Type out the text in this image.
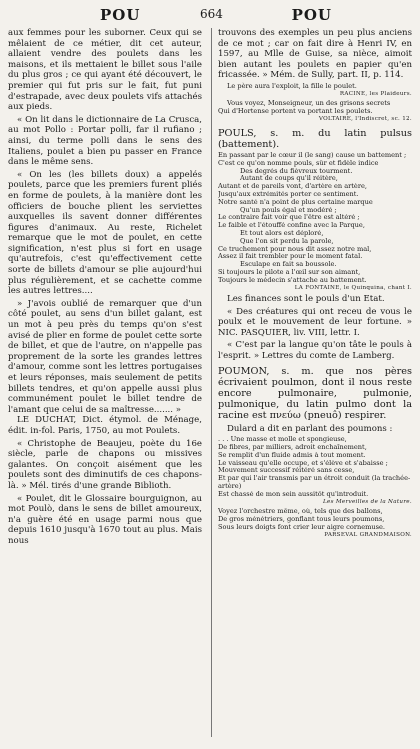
POU	664	POU

aux femmes pour les suborner. Ceux qui se mêlaient de ce métier, dit cet auteur, allaient vendre des poulets dans les maisons, et ils mettaient le billet sous l'aile du plus gros ; ce qui ayant été découvert, le premier qui fut pris sur le fait, fut puni d'estrapade, avec deux poulets vifs attachés aux pieds.

« On lit dans le dictionnaire de La Crusca, au mot Pollo : Portar polli, far il rufiano ; ainsi, du terme polli dans le sens des Italiens, poulet a bien pu passer en France dans le même sens.

« On les (les billets doux) a appelés poulets, parce que les premiers furent pliés en forme de poulets, à la manière dont les officiers de bouche plient les serviettes auxquelles ils savent donner différentes figures d'animaux. Au reste, Richelet remarque que le mot de poulet, en cette signification, n'est plus si fort en usage qu'autrefois, c'est qu'effectivement cette sorte de billets d'amour se plie aujourd'hui plus régulièrement, et se cachette comme les autres lettres....

» J'avois oublié de remarquer que d'un côté poulet, au sens d'un billet galant, est un mot à peu près du temps qu'on s'est avisé de plier en forme de poulet cette sorte de billet, et que de l'autre, on n'appelle pas proprement de la sorte les grandes lettres d'amour, comme sont les lettres portugaises et leurs réponses, mais seulement de petits billets tendres, et qu'on appelle aussi plus communément poulet le billet tendre de l'amant que celui de sa maîtresse....... »

LE DUCHAT, Dict. étymol. de Ménage, édit. in-fol. Paris, 1750, au mot Poulets.

« Christophe de Beaujeu, poète du 16e siècle, parle de chapons ou missives galantes. On conçoit aisément que les poulets sont des diminutifs de ces chapons-là. » Mél. tirés d'une grande Biblioth.

« Poulet, dit le Glossaire bourguignon, au mot Poulò, dans le sens de billet amoureux, n'a guère été en usage parmi nous que depuis 1610 jusqu'à 1670 tout au plus. Mais nous

trouvons des exemples un peu plus anciens de ce mot ; car on fait dire à Henri IV, en 1597, au Mlle de Guise, sa nièce, aimoit bien autant les poulets en papier qu'en fricassée. » Mém. de Sully, part. II, p. 114.

Le père aura l'exploit, la fille le poulet.

RACINE, les Plaideurs.

Vous voyez, Monseigneur, un des grisons secrets
Qui d'Hortense portent va portant les poulets.

VOLTAIRE, l'Indiscret, sc. 12.

POULS, s. m. du latin pulsus (battement).

En passant par le cœur il (le sang) cause un battement ;
C'est ce qu'on nomme pouls, sûr et fidèle indice
Des degrés du fièvreux tourment.
Autant de coups qu'il réitère,
Autant et de pareils vont, d'artère en artère,
Jusqu'aux extrémités porter ce sentiment.
Notre santé n'a point de plus certaine marque
Qu'un pouls égal et modéré ;
Le contraire fait voir que l'être est altéré ;
Le faible et l'étouffé confine avec la Parque,
Et tout alors est déploré,
Que l'on sit perdu la parole,
Ce truchement pour nous dit assez notre mal,
Assez il fait trembler pour le moment fatal.
Esculape en fait sa boussole.
Si toujours le pilote a l'œil sur son aimant,
Toujours le médecin s'attache au battement.

LA FONTAINE, le Quinquina, chant I.

Les finances sont le pouls d'un Etat.

« Des créatures qui ont receu de vous le poulx et le mouvement de leur fortune. » NIC. PASQUIER, liv. VIII, lettr. I.

« C'est par la langue qu'on tâte le pouls à l'esprit. » Lettres du comte de Lamberg.

POUMON, s. m. que nos pères écrivaient poulmon, dont il nous reste encore pulmonaire, pulmonie, pulmonique, du latin pulmo dont la racine est πνεύω (pneuô) respirer.

Dulard a dit en parlant des poumons :

. . . Une masse et molle et spongieuse,
De fibres, par milliers, adroit enchaînement,
Se remplit d'un fluide admis à tout moment.
Le vaisseau qu'elle occupe, et s'élève et s'abaisse ;
Mouvement successif réitéré sans cesse,
Et par qui l'air transmis par un étroit conduit (la trachée-artère)
Est chassé de mon sein aussitôt qu'introduit.

Les Merveilles de la Nature.

Voyez l'orchestre même, où, tels que des ballons,
De gros ménétriers, gonflant tous leurs poumons,
Sous leurs doigts font crier leur aigre cornemuse.

PARSEVAL GRANDMAISON.
